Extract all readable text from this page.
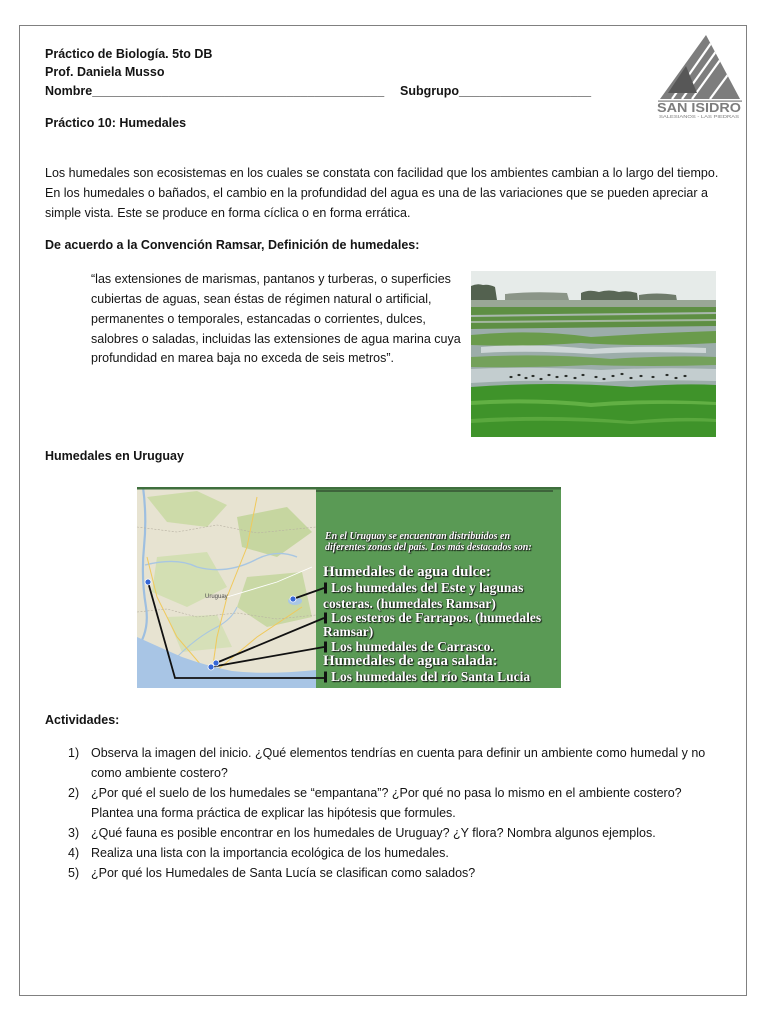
Práctico de Biología. 5to DB
Prof. Daniela Musso
Nombre__________________________________________ Subgrupo___________________
SAN ISIDRO
SALESIANOS - LAS PIEDRAS
Práctico 10: Humedales
Los humedales son ecosistemas en los cuales se constata con facilidad que los ambientes cambian a lo largo del tiempo.
En los humedales o bañados, el cambio en la profundidad del agua es una de las variaciones que se pueden apreciar a
simple vista. Este se produce en forma cíclica o en forma errática.
De acuerdo a la Convención Ramsar, Definición de humedales:
“las extensiones de marismas, pantanos y turberas, o superficies
cubiertas de aguas, sean éstas de régimen natural o artificial,
permanentes o temporales, estancadas o corrientes, dulces,
salobres o saladas, incluidas las extensiones de agua marina cuya
profundidad en marea baja no exceda de seis metros”.
Humedales en Uruguay
Uruguay
En el Uruguay se encuentran distribuidos en
diferentes zonas del país. Los más destacados son:
Humedales de agua dulce:
Los humedales del Este y lagunas
costeras. (humedales Ramsar)
Los esteros de Farrapos. (humedales
Ramsar)
Los humedales de Carrasco.
Humedales de agua salada:
Los humedales del río Santa Lucia
Actividades:
1) Observa la imagen del inicio. ¿Qué elementos tendrías en cuenta para definir un ambiente como humedal y no
como ambiente costero?
2) ¿Por qué el suelo de los humedales se “empantana”? ¿Por qué no pasa lo mismo en el ambiente costero?
Plantea una forma práctica de explicar las hipótesis que formules.
3) ¿Qué fauna es posible encontrar en los humedales de Uruguay? ¿Y flora? Nombra algunos ejemplos.
4) Realiza una lista con la importancia ecológica de los humedales.
5) ¿Por qué los Humedales de Santa Lucía se clasifican como salados?
